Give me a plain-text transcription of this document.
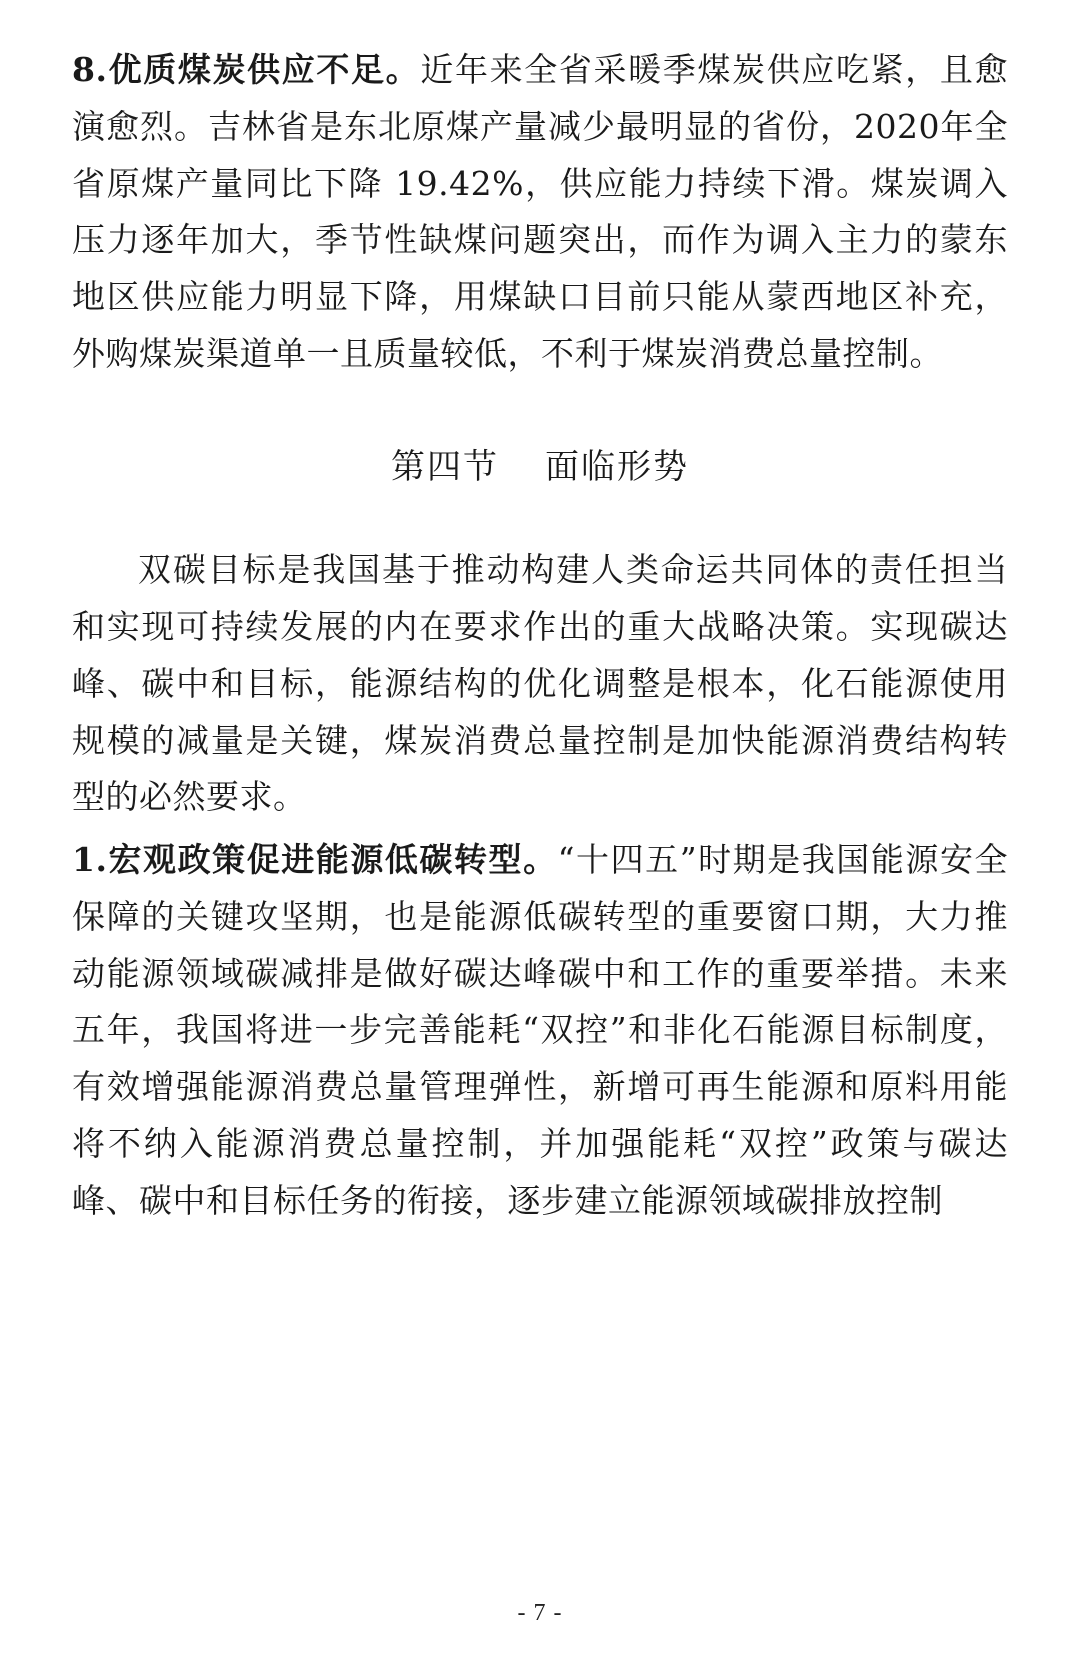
8.优质煤炭供应不足。近年来全省采暖季煤炭供应吃紧，且愈演愈烈。吉林省是东北原煤产量减少最明显的省份，2020年全省原煤产量同比下降 19.42%，供应能力持续下滑。煤炭调入压力逐年加大，季节性缺煤问题突出，而作为调入主力的蒙东地区供应能力明显下降，用煤缺口目前只能从蒙西地区补充，外购煤炭渠道单一且质量较低，不利于煤炭消费总量控制。

第四节 面临形势

双碳目标是我国基于推动构建人类命运共同体的责任担当和实现可持续发展的内在要求作出的重大战略决策。实现碳达峰、碳中和目标，能源结构的优化调整是根本，化石能源使用规模的减量是关键，煤炭消费总量控制是加快能源消费结构转型的必然要求。

1.宏观政策促进能源低碳转型。“十四五”时期是我国能源安全保障的关键攻坚期，也是能源低碳转型的重要窗口期，大力推动能源领域碳减排是做好碳达峰碳中和工作的重要举措。未来五年，我国将进一步完善能耗“双控”和非化石能源目标制度，有效增强能源消费总量管理弹性，新增可再生能源和原料用能将不纳入能源消费总量控制，并加强能耗“双控”政策与碳达峰、碳中和目标任务的衔接，逐步建立能源领域碳排放控制

- 7 -
